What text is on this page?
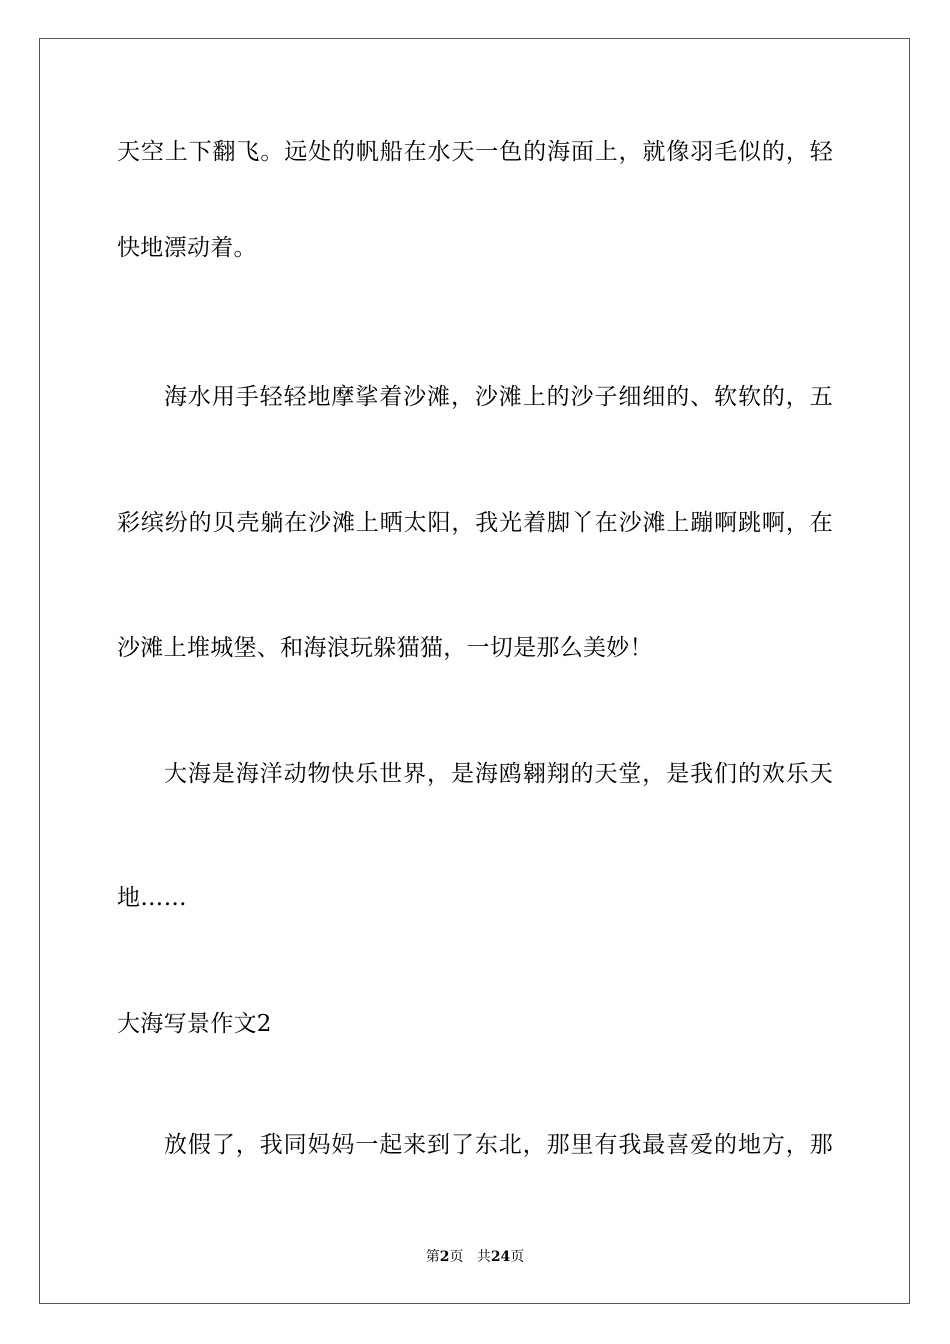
天空上下翻飞。远处的帆船在水天一色的海面上，就像羽毛似的，轻
快地漂动着。
海水用手轻轻地摩挲着沙滩，沙滩上的沙子细细的、软软的，五
彩缤纷的贝壳躺在沙滩上晒太阳，我光着脚丫在沙滩上蹦啊跳啊，在
沙滩上堆城堡、和海浪玩躲猫猫，一切是那么美妙！
大海是海洋动物快乐世界，是海鸥翱翔的天堂，是我们的欢乐天
地……
大海写景作文2
放假了，我同妈妈一起来到了东北，那里有我最喜爱的地方，那
第2页 共24页
